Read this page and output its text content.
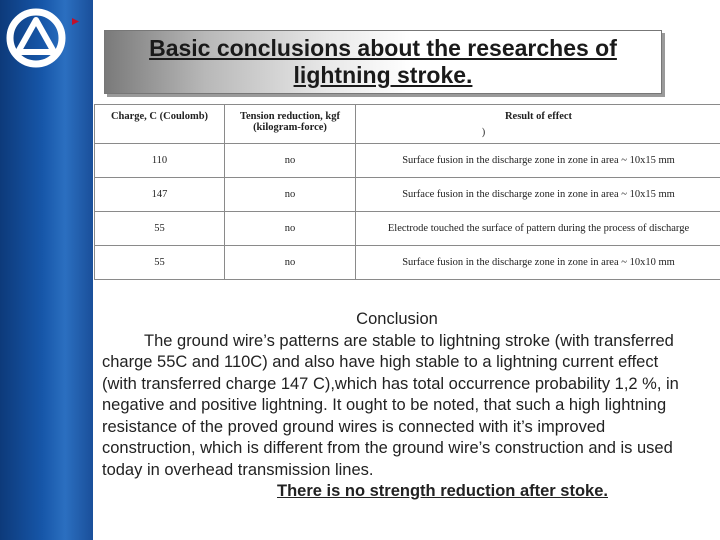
Basic conclusions about the researches of lightning stroke.
Charge, C (Coulomb)	Tension reduction, kgf (kilogram-force)	Result of effect
)

110	no	Surface fusion in the discharge zone in zone in area ~ 10x15 mm
147	no	Surface fusion in the discharge zone in zone in area ~ 10x15 mm
55	no	Electrode touched the surface of pattern during the process of discharge
55	no	Surface fusion in the discharge zone in zone in area ~ 10x10 mm

Conclusion

The ground wire’s patterns are stable to lightning stroke (with transferred charge 55C and 110C) and also have high stable to a lightning current effect (with transferred charge 147 C),which has total occurrence probability 1,2 %, in negative and positive lightning. It ought to be noted, that such a high lightning resistance of the proved ground wires is connected with it’s improved construction, which is different from the ground wire’s construction and is used today in overhead transmission lines.

There is no strength reduction after stoke.
